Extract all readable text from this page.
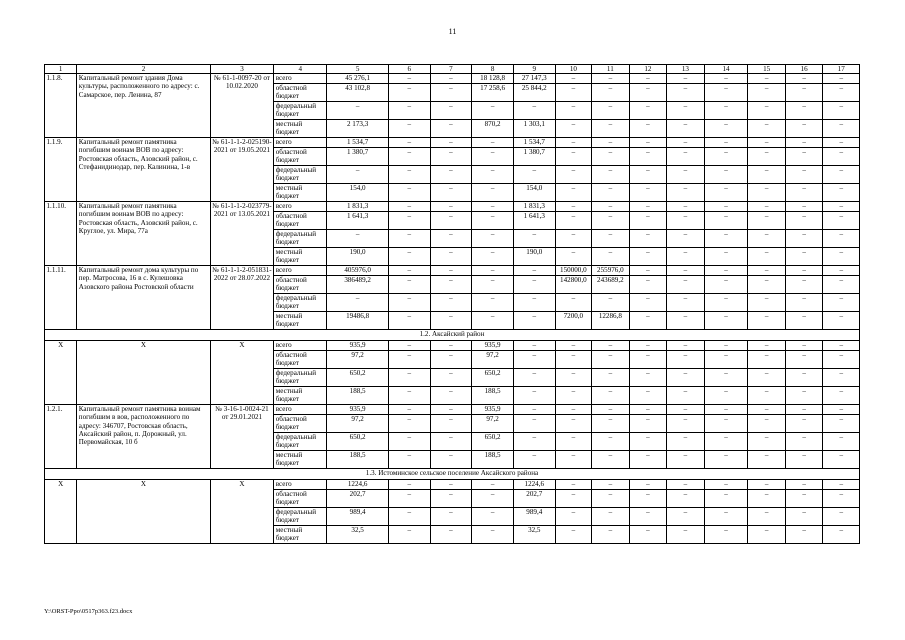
11
1	2	3	4	5	6	7	8	9	10	11	12	13	14	15	16	17
1.1.8.	Капитальный ремонт здания Дома культуры, расположенного по адресу: с. Самарское, пер. Ленина, 87	№ 61-1-0097-20 от 10.02.2020	всего	45 276,1	–	–	18 128,8	27 147,3	–	–	–	–	–	–	–	–
			областной бюджет	43 102,8	–	–	17 258,6	25 844,2	–	–	–	–	–	–	–	–
			федеральный бюджет	–	–	–	–	–	–	–	–	–	–	–	–	–
			местный бюджет	2 173,3	–	–	870,2	1 303,1	–	–	–	–	–	–	–	–
1.1.9.	Капитальный ремонт памятника погибшим воинам ВОВ по адресу: Ростовская область, Азовский район, с. Стефанидинодар, пер. Калинина, 1-в	№ 61-1-1-2-025190-2021 от 19.05.2021	всего	1 534,7	–	–	–	1 534,7	–	–	–	–	–	–	–	–
			областной бюджет	1 380,7	–	–	–	1 380,7	–	–	–	–	–	–	–	–
			федеральный бюджет	–	–	–	–	–	–	–	–	–	–	–	–	–
			местный бюджет	154,0	–	–	–	154,0	–	–	–	–	–	–	–	–
1.1.10.	Капитальный ремонт памятника погибшим воинам ВОВ по адресу: Ростовская область, Азовский район, с. Круглое, ул. Мира, 77а	№ 61-1-1-2-023779-2021 от 13.05.2021	всего	1 831,3	–	–	–	1 831,3	–	–	–	–	–	–	–	–
			областной бюджет	1 641,3	–	–	–	1 641,3	–	–	–	–	–	–	–	–
			федеральный бюджет	–	–	–	–	–	–	–	–	–	–	–	–	–
			местный бюджет	190,0	–	–	–	190,0	–	–	–	–	–	–	–	–
1.1.11.	Капитальный ремонт дома культуры по пер. Матросова, 16 в с. Кулешовка Азовского района Ростовской области	№ 61-1-1-2-051831-2022 от 28.07.2022	всего	405976,0	–	–	–	–	150000,0	255976,0	–	–	–	–	–	–
			областной бюджет	386489,2	–	–	–	–	142800,0	243689,2	–	–	–	–	–	–
			федеральный бюджет	–	–	–	–	–	–	–	–	–	–	–	–	–
			местный бюджет	19486,8	–	–	–	–	7200,0	12286,8	–	–	–	–	–	–
1.2. Аксайский район																
Х	Х	Х	всего	935,9	–	–	935,9	–	–	–	–	–	–	–	–	–
			областной бюджет	97,2	–	–	97,2	–	–	–	–	–	–	–	–	–
			федеральный бюджет	650,2	–	–	650,2	–	–	–	–	–	–	–	–	–
			местный бюджет	188,5	–	–	188,5	–	–	–	–	–	–	–	–	–
1.2.1.	Капитальный ремонт памятника воинам погибшим в вов, расположенного по адресу: 346707, Ростовская область, Аксайский район, п. Дорожный, ул. Первомайская, 10 б	№ 3-16-1-0024-21 от 29.01.2021	всего	935,9	–	–	935,9	–	–	–	–	–	–	–	–	–
			областной бюджет	97,2	–	–	97,2	–	–	–	–	–	–	–	–	–
			федеральный бюджет	650,2	–	–	650,2	–	–	–	–	–	–	–	–	–
			местный бюджет	188,5	–	–	188,5	–	–	–	–	–	–	–	–	–
1.3. Истоминское сельское поселение Аксайского района																
Х	Х	Х	всего	1224,6	–	–	–	1224,6	–	–	–	–	–	–	–	–
			областной бюджет	202,7	–	–	–	202,7	–	–	–	–	–	–	–	–
			федеральный бюджет	989,4	–	–	–	989,4	–	–	–	–	–	–	–	–
			местный бюджет	32,5	–	–	–	32,5	–	–	–	–	–	–	–	–
Y:\ORST-Ppo\0517p363.f23.docx
